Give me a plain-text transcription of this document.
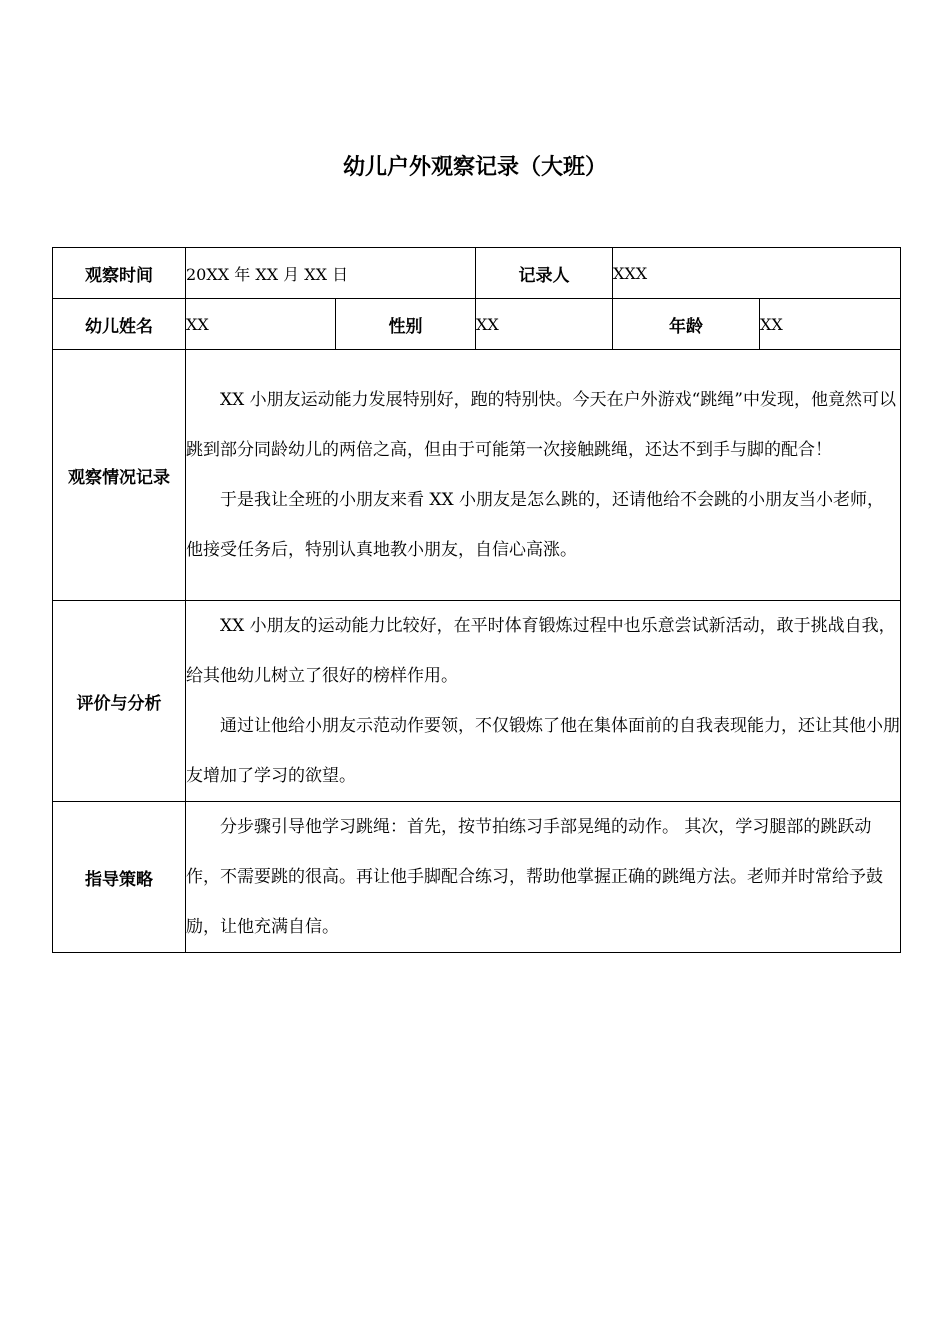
幼儿户外观察记录（大班）
观察时间	20XX 年 XX 月 XX 日		记录人	XXX	
幼儿姓名	XX	性别	XX	年龄	XX
观察情况记录	XX 小朋友运动能力发展特别好，跑的特别快。今天在户外游戏“跳绳”中发现，他竟然可以跳到部分同龄幼儿的两倍之高，但由于可能第一次接触跳绳，还达不到手与脚的配合！

于是我让全班的小朋友来看 XX 小朋友是怎么跳的，还请他给不会跳的小朋友当小老师，他接受任务后，特别认真地教小朋友，自信心高涨。				

评价与分析	XX 小朋友的运动能力比较好，在平时体育锻炼过程中也乐意尝试新活动，敢于挑战自我，给其他幼儿树立了很好的榜样作用。

通过让他给小朋友示范动作要领，不仅锻炼了他在集体面前的自我表现能力，还让其他小朋友增加了学习的欲望。				

指导策略	分步骤引导他学习跳绳：首先，按节拍练习手部晃绳的动作。 其次，学习腿部的跳跃动作，不需要跳的很高。再让他手脚配合练习，帮助他掌握正确的跳绳方法。老师并时常给予鼓励，让他充满自信。				
